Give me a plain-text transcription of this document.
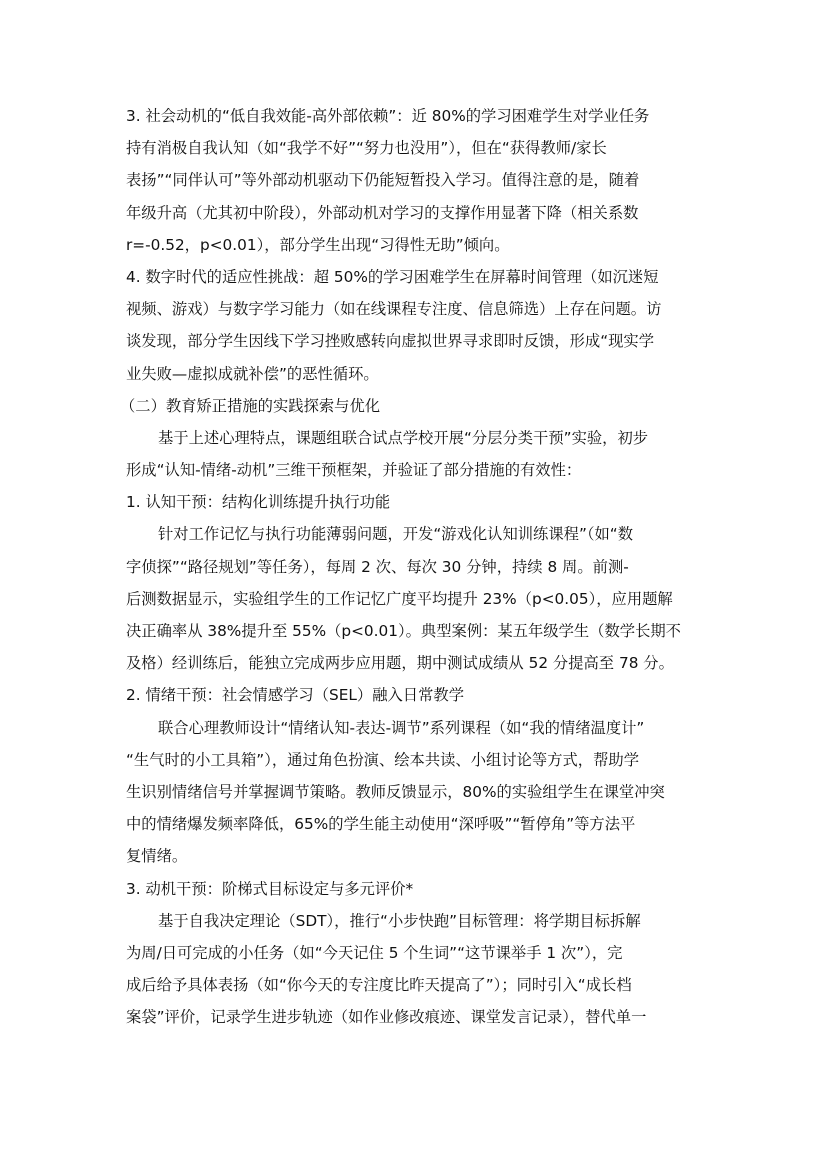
3. 社会动机的“低自我效能-高外部依赖”：近 80%的学习困难学生对学业任务
持有消极自我认知（如“我学不好”“努力也没用”），但在“获得教师/家长
表扬”“同伴认可”等外部动机驱动下仍能短暂投入学习。值得注意的是，随着
年级升高（尤其初中阶段），外部动机对学习的支撑作用显著下降（相关系数
r=-0.52，p<0.01），部分学生出现“习得性无助”倾向。
4. 数字时代的适应性挑战：超 50%的学习困难学生在屏幕时间管理（如沉迷短
视频、游戏）与数字学习能力（如在线课程专注度、信息筛选）上存在问题。访
谈发现，部分学生因线下学习挫败感转向虚拟世界寻求即时反馈，形成“现实学
业失败—虚拟成就补偿”的恶性循环。
（二）教育矫正措施的实践探索与优化
基于上述心理特点，课题组联合试点学校开展“分层分类干预”实验，初步
形成“认知-情绪-动机”三维干预框架，并验证了部分措施的有效性：
1. 认知干预：结构化训练提升执行功能
针对工作记忆与执行功能薄弱问题，开发“游戏化认知训练课程”（如“数
字侦探”“路径规划”等任务），每周 2 次、每次 30 分钟，持续 8 周。前测-
后测数据显示，实验组学生的工作记忆广度平均提升 23%（p<0.05），应用题解
决正确率从 38%提升至 55%（p<0.01）。典型案例：某五年级学生（数学长期不
及格）经训练后，能独立完成两步应用题，期中测试成绩从 52 分提高至 78 分。
2. 情绪干预：社会情感学习（SEL）融入日常教学
联合心理教师设计“情绪认知-表达-调节”系列课程（如“我的情绪温度计”
“生气时的小工具箱”），通过角色扮演、绘本共读、小组讨论等方式，帮助学
生识别情绪信号并掌握调节策略。教师反馈显示，80%的实验组学生在课堂冲突
中的情绪爆发频率降低，65%的学生能主动使用“深呼吸”“暂停角”等方法平
复情绪。
3. 动机干预：阶梯式目标设定与多元评价*
基于自我决定理论（SDT），推行“小步快跑”目标管理：将学期目标拆解
为周/日可完成的小任务（如“今天记住 5 个生词”“这节课举手 1 次”），完
成后给予具体表扬（如“你今天的专注度比昨天提高了”）；同时引入“成长档
案袋”评价，记录学生进步轨迹（如作业修改痕迹、课堂发言记录），替代单一
